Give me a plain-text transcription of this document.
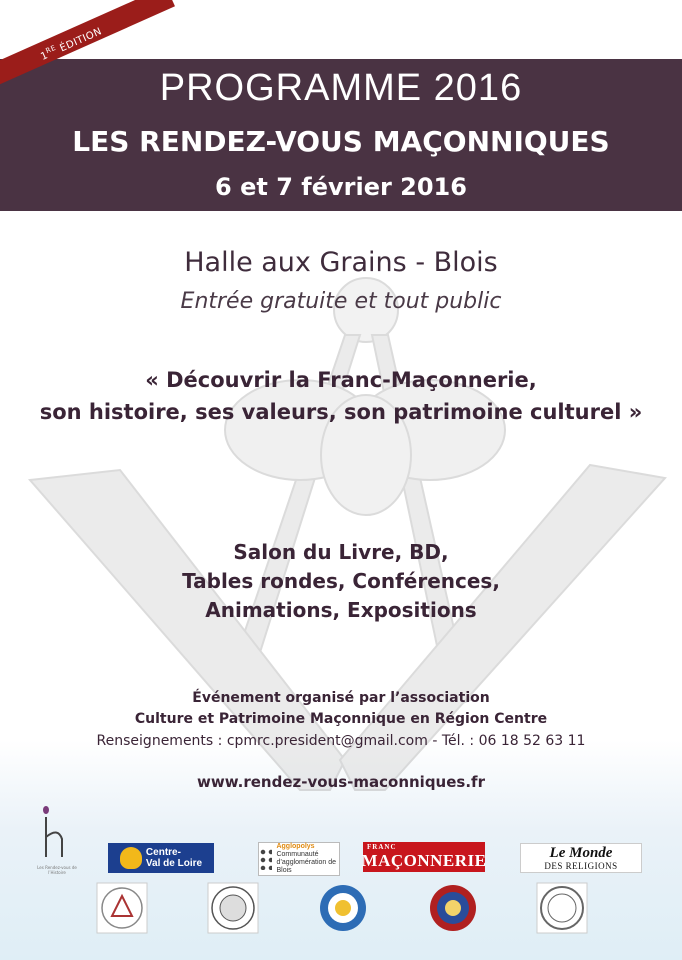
1RE ÉDITION
PROGRAMME 2016
LES RENDEZ-VOUS MAÇONNIQUES
6 et 7 février 2016
Halle aux Grains - Blois
Entrée gratuite et tout public
« Découvrir la Franc-Maçonnerie,
son histoire, ses valeurs, son patrimoine culturel »
Salon du Livre, BD,
Tables rondes, Conférences,
Animations, Expositions
Événement organisé par l’association
Culture et Patrimoine Maçonnique en Région Centre
Renseignements : cpmrc.president@gmail.com - Tél. : 06 18 52 63 11
www.rendez-vous-maconniques.fr
Les Rendez-vous de l’Histoire
Centre-
Val de Loire
Agglopolys
Communauté d’agglomération de Blois
FRANC
MAÇONNERIE	Le Monde
DES RELIGIONS
